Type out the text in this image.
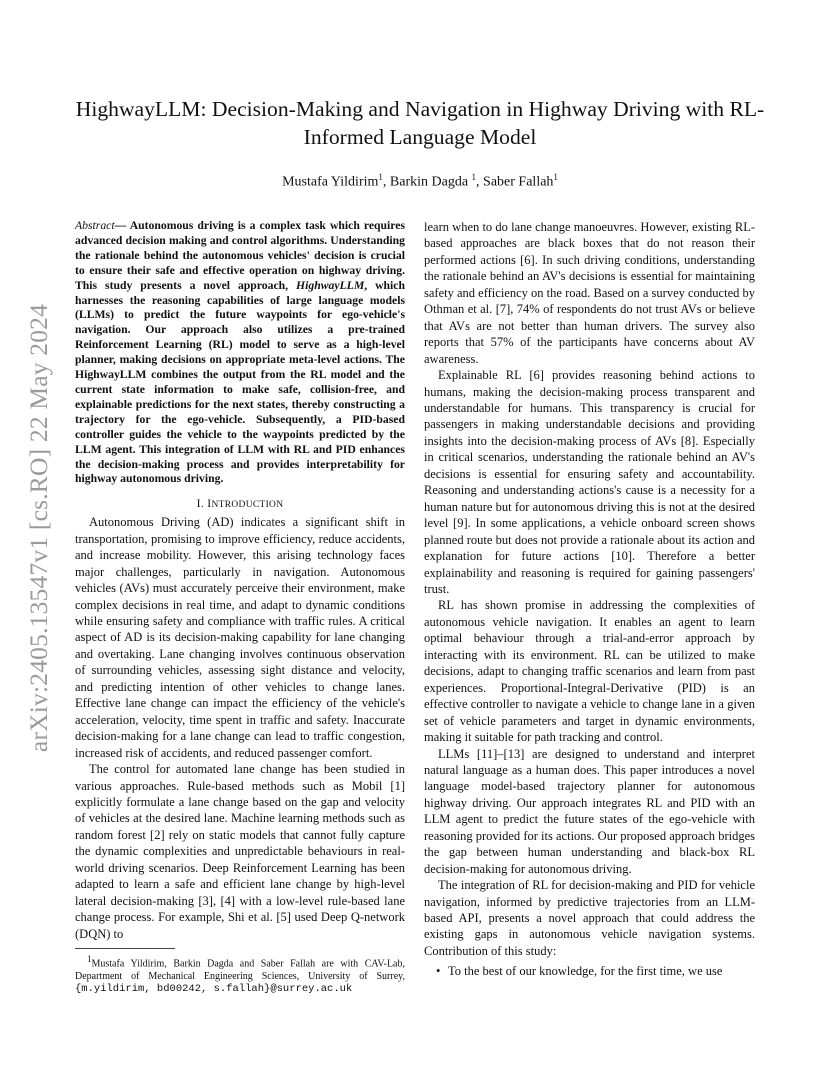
arXiv:2405.13547v1 [cs.RO] 22 May 2024
HighwayLLM: Decision-Making and Navigation in Highway Driving with RL-Informed Language Model
Mustafa Yildirim$^1$, Barkin Dagda $^1$, Saber Fallah$^1$

Abstract— Autonomous driving is a complex task which requires advanced decision making and control algorithms. Understanding the rationale behind the autonomous vehicles' decision is crucial to ensure their safe and effective operation on highway driving. This study presents a novel approach, HighwayLLM, which harnesses the reasoning capabilities of large language models (LLMs) to predict the future waypoints for ego-vehicle's navigation. Our approach also utilizes a pre-trained Reinforcement Learning (RL) model to serve as a high-level planner, making decisions on appropriate meta-level actions. The HighwayLLM combines the output from the RL model and the current state information to make safe, collision-free, and explainable predictions for the next states, thereby constructing a trajectory for the ego-vehicle. Subsequently, a PID-based controller guides the vehicle to the waypoints predicted by the LLM agent. This integration of LLM with RL and PID enhances the decision-making process and provides interpretability for highway autonomous driving.

I. INTRODUCTION

Autonomous Driving (AD) indicates a significant shift in transportation, promising to improve efficiency, reduce accidents, and increase mobility. However, this arising technology faces major challenges, particularly in navigation. Autonomous vehicles (AVs) must accurately perceive their environment, make complex decisions in real time, and adapt to dynamic conditions while ensuring safety and compliance with traffic rules. A critical aspect of AD is its decision-making capability for lane changing and overtaking. Lane changing involves continuous observation of surrounding vehicles, assessing sight distance and velocity, and predicting intention of other vehicles to change lanes. Effective lane change can impact the efficiency of the vehicle's acceleration, velocity, time spent in traffic and safety. Inaccurate decision-making for a lane change can lead to traffic congestion, increased risk of accidents, and reduced passenger comfort.

The control for automated lane change has been studied in various approaches. Rule-based methods such as Mobil [1] explicitly formulate a lane change based on the gap and velocity of vehicles at the desired lane. Machine learning methods such as random forest [2] rely on static models that cannot fully capture the dynamic complexities and unpredictable behaviours in real-world driving scenarios. Deep Reinforcement Learning has been adapted to learn a safe and efficient lane change by high-level lateral decision-making [3], [4] with a low-level rule-based lane change process. For example, Shi et al. [5] used Deep Q-network (DQN) to

$^1$Mustafa Yildirim, Barkin Dagda and Saber Fallah are with CAV-Lab, Department of Mechanical Engineering Sciences, University of Surrey, {m.yildirim, bd00242, s.fallah}@surrey.ac.uk

learn when to do lane change manoeuvres. However, existing RL-based approaches are black boxes that do not reason their performed actions [6]. In such driving conditions, understanding the rationale behind an AV's decisions is essential for maintaining safety and efficiency on the road. Based on a survey conducted by Othman et al. [7], 74% of respondents do not trust AVs or believe that AVs are not better than human drivers. The survey also reports that 57% of the participants have concerns about AV awareness.

Explainable RL [6] provides reasoning behind actions to humans, making the decision-making process transparent and understandable for humans. This transparency is crucial for passengers in making understandable decisions and providing insights into the decision-making process of AVs [8]. Especially in critical scenarios, understanding the rationale behind an AV's decisions is essential for ensuring safety and accountability. Reasoning and understanding actions's cause is a necessity for a human nature but for autonomous driving this is not at the desired level [9]. In some applications, a vehicle onboard screen shows planned route but does not provide a rationale about its action and explanation for future actions [10]. Therefore a better explainability and reasoning is required for gaining passengers' trust.

RL has shown promise in addressing the complexities of autonomous vehicle navigation. It enables an agent to learn optimal behaviour through a trial-and-error approach by interacting with its environment. RL can be utilized to make decisions, adapt to changing traffic scenarios and learn from past experiences. Proportional-Integral-Derivative (PID) is an effective controller to navigate a vehicle to change lane in a given set of vehicle parameters and target in dynamic environments, making it suitable for path tracking and control.

LLMs [11]–[13] are designed to understand and interpret natural language as a human does. This paper introduces a novel language model-based trajectory planner for autonomous highway driving. Our approach integrates RL and PID with an LLM agent to predict the future states of the ego-vehicle with reasoning provided for its actions. Our proposed approach bridges the gap between human understanding and black-box RL decision-making for autonomous driving.

The integration of RL for decision-making and PID for vehicle navigation, informed by predictive trajectories from an LLM-based API, presents a novel approach that could address the existing gaps in autonomous vehicle navigation systems. Contribution of this study:

• To the best of our knowledge, for the first time, we use
